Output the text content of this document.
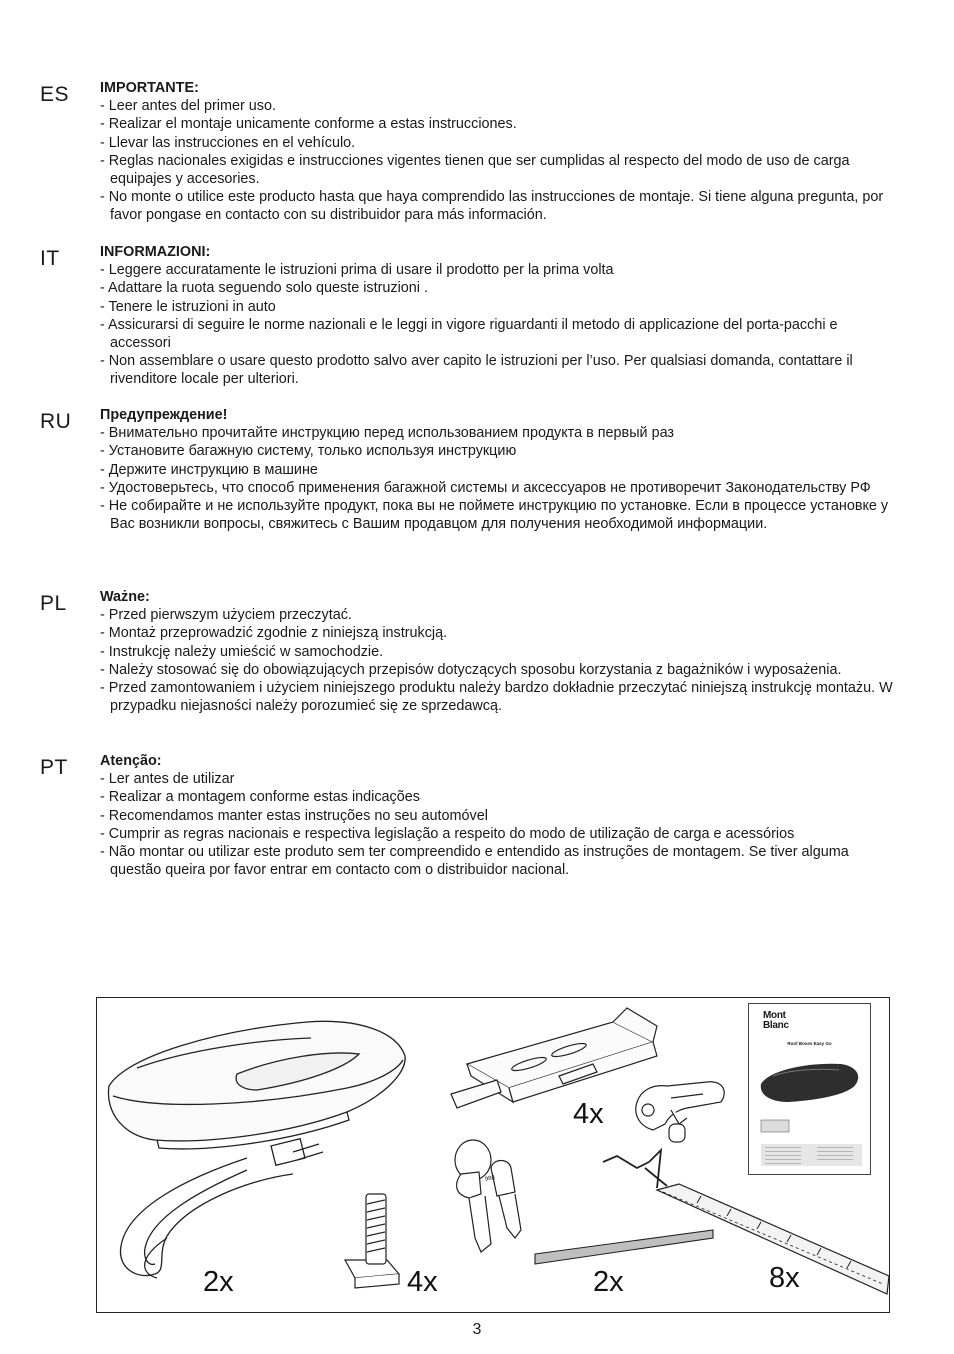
ES	IMPORTANTE:
- Leer antes del primer uso.
- Realizar el montaje unicamente conforme a estas instrucciones.
- Llevar las instrucciones en el vehículo.
- Reglas nacionales exigidas e instrucciones vigentes tienen que ser cumplidas al respecto del modo de uso de carga equipajes y accesories.
- No monte o utilice este producto hasta que haya comprendido las instrucciones de montaje. Si tiene alguna pregunta, por favor pongase en contacto con su distribuidor para más información.
IT	INFORMAZIONI:
- Leggere accuratamente le istruzioni prima di usare il prodotto per la prima volta
- Adattare la ruota seguendo solo queste istruzioni .
- Tenere le istruzioni in auto
- Assicurarsi di seguire le norme nazionali e le leggi in vigore riguardanti il metodo di applicazione del porta-pacchi e accessori
- Non assemblare o usare questo prodotto salvo aver capito le istruzioni per l’uso. Per qualsiasi domanda, contattare il rivenditore locale per ulteriori.
RU	Предупреждение!
- Внимательно прочитайте инструкцию перед использованием продукта в первый раз
- Установите багажную систему, только используя инструкцию
- Держите инструкцию в машине
- Удостоверьтесь, что способ применения багажной системы и аксессуаров не противоречит Законодательству РФ
- Не собирайте и не используйте продукт, пока вы не поймете инструкцию по установке. Если в процессе установке у Вас возникли вопросы, свяжитесь с Вашим продавцом для получения необходимой информации.
PL	Ważne:
- Przed pierwszym użyciem przeczytać.
- Montaż przeprowadzić zgodnie z niniejszą instrukcją.
- Instrukcję należy umieścić w samochodzie.
- Należy stosować się do obowiązujących przepisów dotyczących sposobu korzystania z bagażników i wyposażenia.
- Przed zamontowaniem i użyciem niniejszego produktu należy bardzo dokładnie przeczytać niniejszą instrukcję montażu. W przypadku niejasności należy porozumieć się ze sprzedawcą.
PT	Atenção:
- Ler antes de utilizar
- Realizar a montagem conforme estas indicações
- Recomendamos manter estas instruções no seu automóvel
- Cumprir as regras nacionais e respectiva legislação a respeito do modo de utilização de carga e acessórios
- Não montar ou utilizar este produto sem ter compreendido e entendido as instruções de montagem. Se tiver alguma questão queira por favor entrar em contacto com o distribuidor nacional.
Mont
Blanc
Roof Boxes Easy Go
2x	4x	2x	8x
4x
988
3
